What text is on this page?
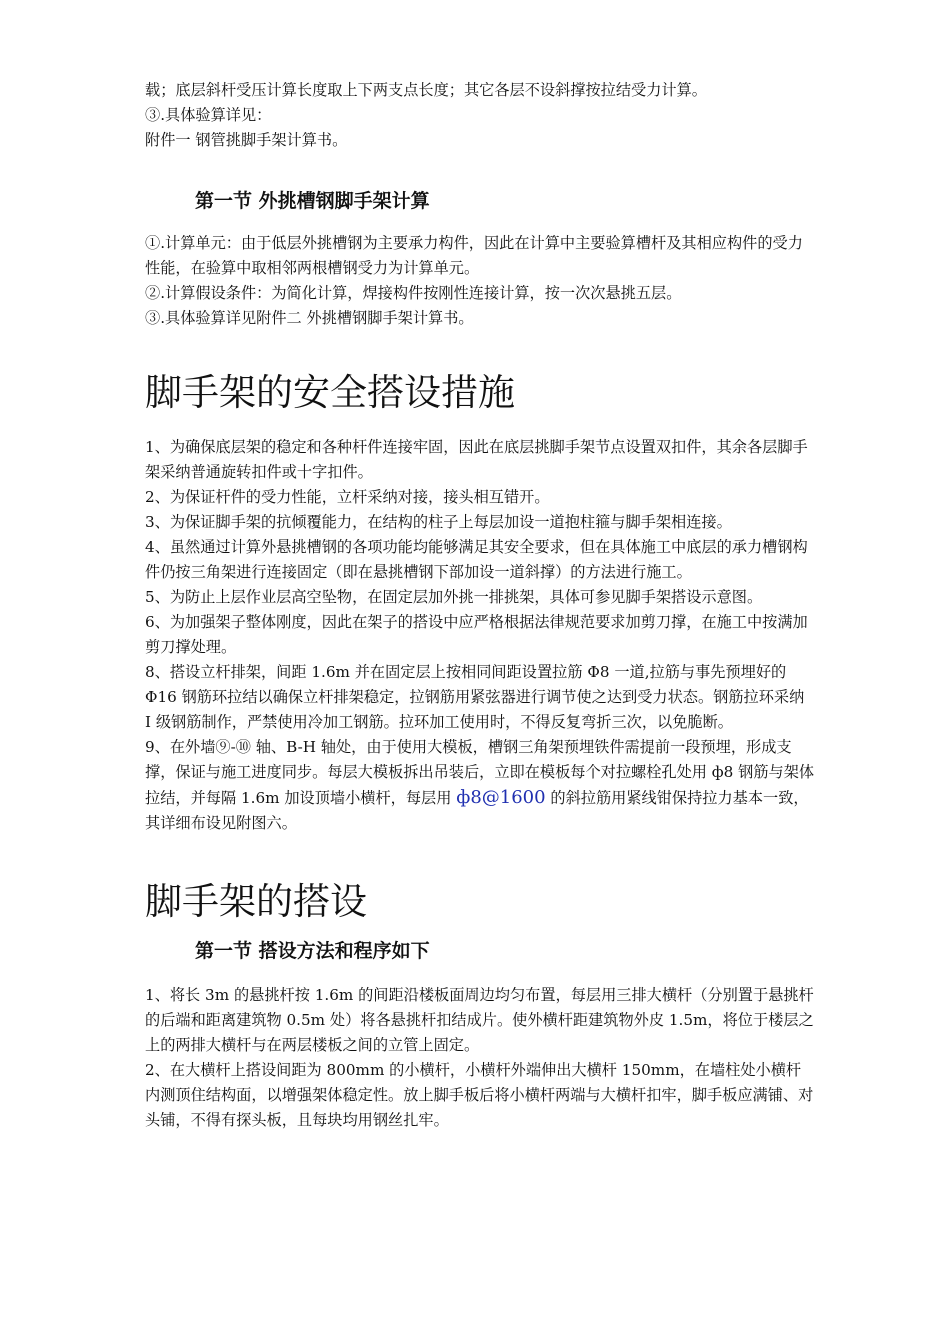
载；底层斜杆受压计算长度取上下两支点长度；其它各层不设斜撑按拉结受力计算。

③.具体验算详见：

附件一 钢管挑脚手架计算书。

第一节 外挑槽钢脚手架计算

①.计算单元：由于低层外挑槽钢为主要承力构件，因此在计算中主要验算槽杆及其相应构件的受力性能，在验算中取相邻两根槽钢受力为计算单元。

②.计算假设条件：为简化计算，焊接构件按刚性连接计算，按一次次悬挑五层。

③.具体验算详见附件二 外挑槽钢脚手架计算书。

脚手架的安全搭设措施

1、为确保底层架的稳定和各种杆件连接牢固，因此在底层挑脚手架节点设置双扣件，其余各层脚手架采纳普通旋转扣件或十字扣件。

2、为保证杆件的受力性能，立杆采纳对接，接头相互错开。

3、为保证脚手架的抗倾覆能力，在结构的柱子上每层加设一道抱柱箍与脚手架相连接。

4、虽然通过计算外悬挑槽钢的各项功能均能够满足其安全要求，但在具体施工中底层的承力槽钢构件仍按三角架进行连接固定（即在悬挑槽钢下部加设一道斜撑）的方法进行施工。

5、为防止上层作业层高空坠物，在固定层加外挑一排挑架，具体可参见脚手架搭设示意图。

6、为加强架子整体刚度，因此在架子的搭设中应严格根据法律规范要求加剪刀撑，在施工中按满加剪刀撑处理。

8、搭设立杆排架，间距 1.6m 并在固定层上按相同间距设置拉筋 Φ8 一道,拉筋与事先预埋好的 Φ16 钢筋环拉结以确保立杆排架稳定，拉钢筋用紧弦器进行调节使之达到受力状态。钢筋拉环采纳 I 级钢筋制作，严禁使用冷加工钢筋。拉环加工使用时，不得反复弯折三次，以免脆断。

9、在外墙⑨-⑩ 轴、B-H 轴处，由于使用大模板，槽钢三角架预埋铁件需提前一段预埋，形成支撑，保证与施工进度同步。每层大模板拆出吊装后，立即在模板每个对拉螺栓孔处用 ф8 钢筋与架体拉结，并每隔 1.6m 加设顶墙小横杆，每层用 ф8@1600 的斜拉筋用紧线钳保持拉力基本一致，其详细布设见附图六。

脚手架的搭设
第一节 搭设方法和程序如下

1、将长 3m 的悬挑杆按 1.6m 的间距沿楼板面周边均匀布置，每层用三排大横杆（分别置于悬挑杆的后端和距离建筑物 0.5m 处）将各悬挑杆扣结成片。使外横杆距建筑物外皮 1.5m，将位于楼层之上的两排大横杆与在两层楼板之间的立管上固定。

2、在大横杆上搭设间距为 800mm 的小横杆，小横杆外端伸出大横杆 150mm，在墙柱处小横杆内测顶住结构面，以增强架体稳定性。放上脚手板后将小横杆两端与大横杆扣牢，脚手板应满铺、对头铺，不得有探头板，且每块均用钢丝扎牢。
